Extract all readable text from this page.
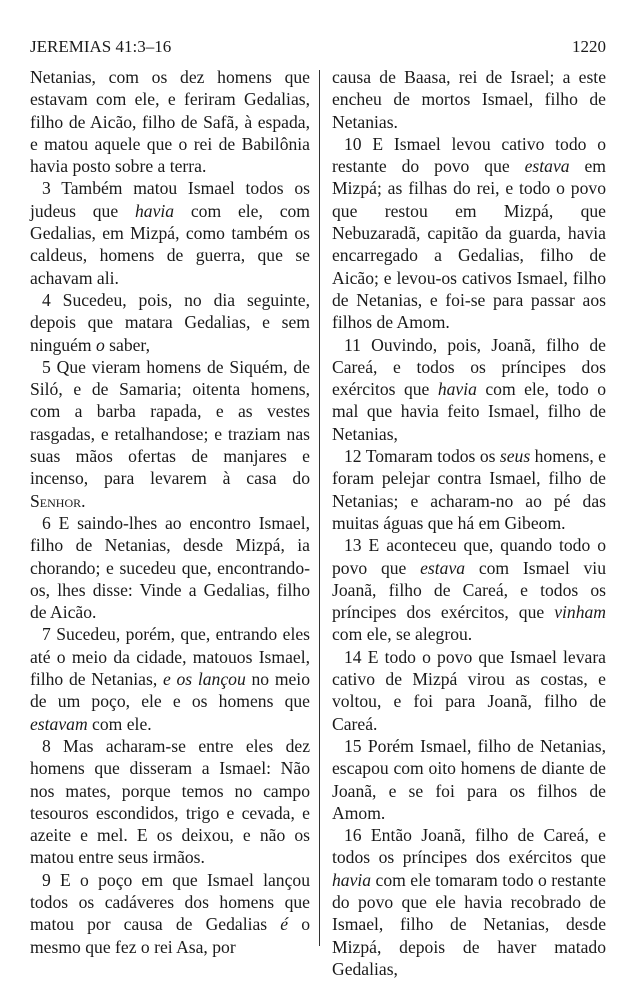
JEREMIAS 41:3–16	1220

Netanias, com os dez homens que estavam com ele, e feriram Gedalias, filho de Aicão, filho de Safã, à espada, e matou aquele que o rei de Babilônia havia posto sobre a terra.

3 Também matou Ismael todos os judeus que havia com ele, com Gedalias, em Mizpá, como também os caldeus, homens de guerra, que se achavam ali.

4 Sucedeu, pois, no dia seguinte, depois que matara Gedalias, e sem ninguém o saber,

5 Que vieram homens de Siquém, de Siló, e de Samaria; oitenta homens, com a barba rapada, e as vestes rasgadas, e retalhandose; e traziam nas suas mãos ofertas de manjares e incenso, para levarem à casa do Senhor.

6 E saindo-lhes ao encontro Ismael, filho de Netanias, desde Mizpá, ia chorando; e sucedeu que, encontrando-os, lhes disse: Vinde a Gedalias, filho de Aicão.

7 Sucedeu, porém, que, entrando eles até o meio da cidade, matouos Ismael, filho de Netanias, e os lançou no meio de um poço, ele e os homens que estavam com ele.

8 Mas acharam-se entre eles dez homens que disseram a Ismael: Não nos mates, porque temos no campo tesouros escondidos, trigo e cevada, e azeite e mel. E os deixou, e não os matou entre seus irmãos.

9 E o poço em que Ismael lançou todos os cadáveres dos homens que matou por causa de Gedalias é o mesmo que fez o rei Asa, por

causa de Baasa, rei de Israel; a este encheu de mortos Ismael, filho de Netanias.

10 E Ismael levou cativo todo o restante do povo que estava em Mizpá; as filhas do rei, e todo o povo que restou em Mizpá, que Nebuzaradã, capitão da guarda, havia encarregado a Gedalias, filho de Aicão; e levou-os cativos Ismael, filho de Netanias, e foi-se para passar aos filhos de Amom.

11 Ouvindo, pois, Joanã, filho de Careá, e todos os príncipes dos exércitos que havia com ele, todo o mal que havia feito Ismael, filho de Netanias,

12 Tomaram todos os seus homens, e foram pelejar contra Ismael, filho de Netanias; e acharam-no ao pé das muitas águas que há em Gibeom.

13 E aconteceu que, quando todo o povo que estava com Ismael viu Joanã, filho de Careá, e todos os príncipes dos exércitos, que vinham com ele, se alegrou.

14 E todo o povo que Ismael levara cativo de Mizpá virou as costas, e voltou, e foi para Joanã, filho de Careá.

15 Porém Ismael, filho de Netanias, escapou com oito homens de diante de Joanã, e se foi para os filhos de Amom.

16 Então Joanã, filho de Careá, e todos os príncipes dos exércitos que havia com ele tomaram todo o restante do povo que ele havia recobrado de Ismael, filho de Netanias, desde Mizpá, depois de haver matado Gedalias,
